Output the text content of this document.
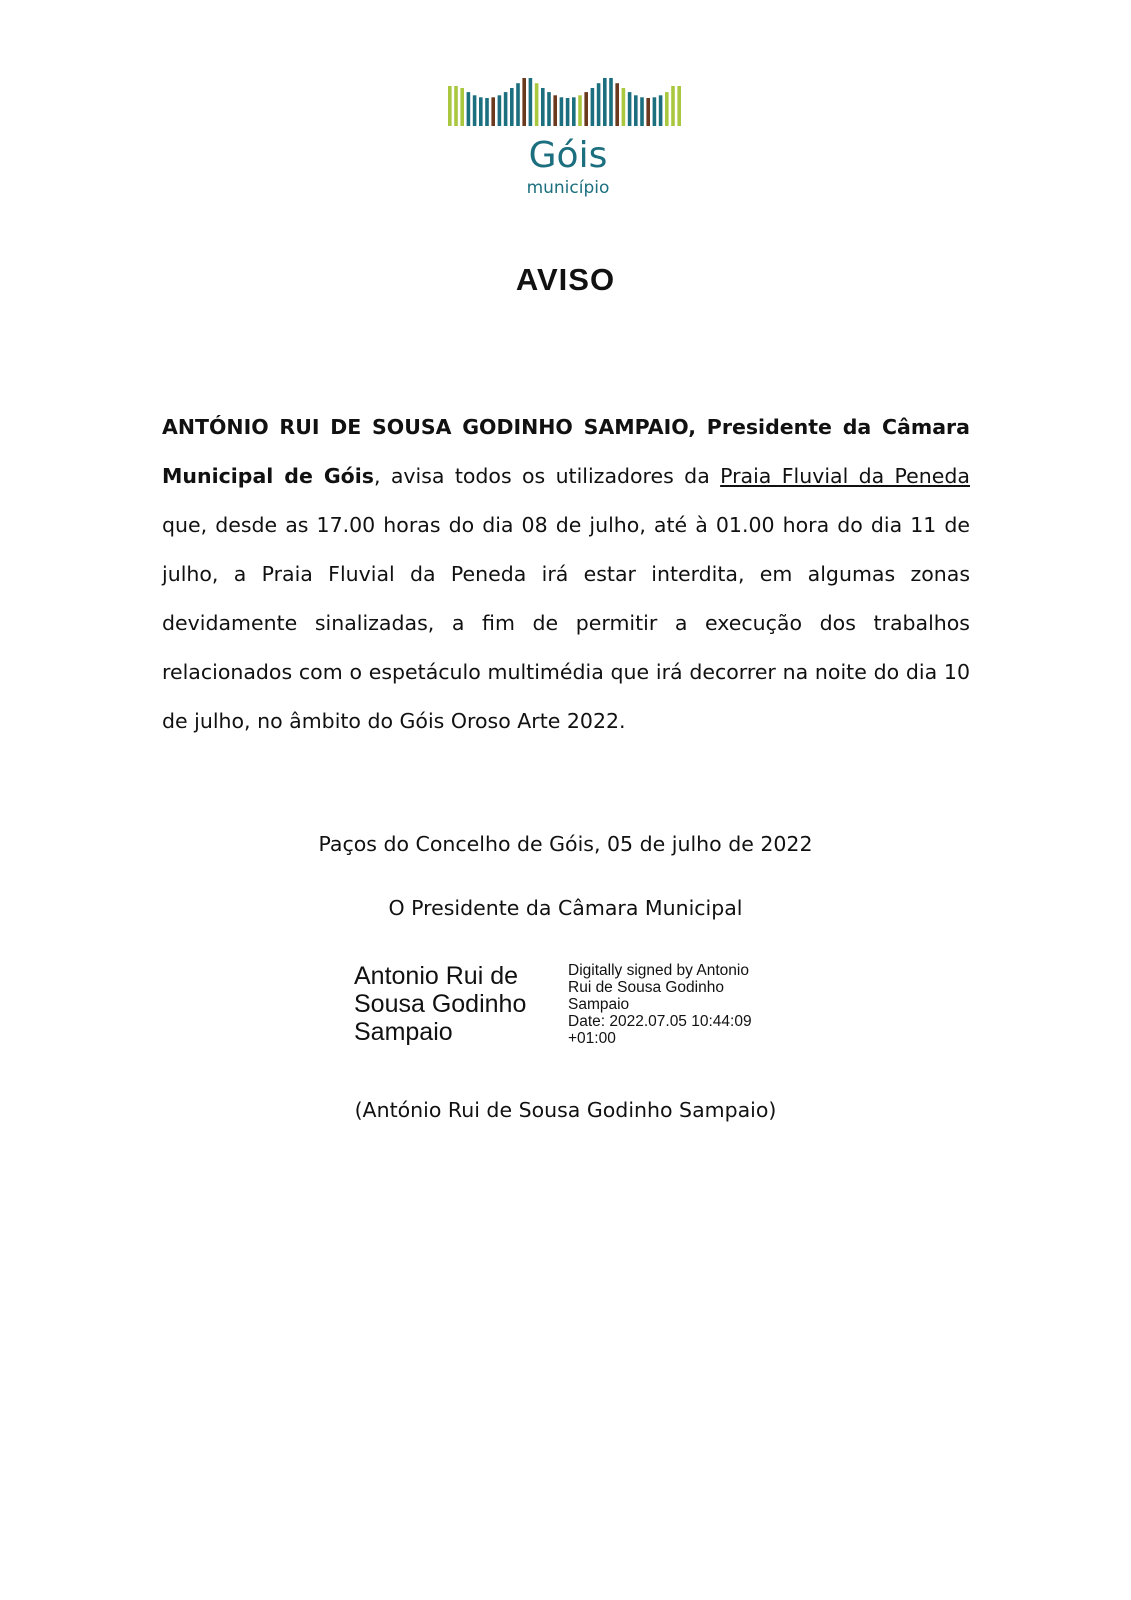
Góis
município
AVISO
ANTÓNIO RUI DE SOUSA GODINHO SAMPAIO, Presidente da Câmara Municipal de Góis, avisa todos os utilizadores da Praia Fluvial da Peneda que, desde as 17.00 horas do dia 08 de julho, até à 01.00 hora do dia 11 de julho, a Praia Fluvial da Peneda irá estar interdita, em algumas zonas devidamente sinalizadas, a fim de permitir a execução dos trabalhos relacionados com o espetáculo multimédia que irá decorrer na noite do dia 10 de julho, no âmbito do Góis Oroso Arte 2022.
Paços do Concelho de Góis, 05 de julho de 2022
O Presidente da Câmara Municipal
Antonio Rui de
Sousa Godinho
Sampaio
Digitally signed by Antonio
Rui de Sousa Godinho
Sampaio
Date: 2022.07.05 10:44:09
+01:00
(António Rui de Sousa Godinho Sampaio)
